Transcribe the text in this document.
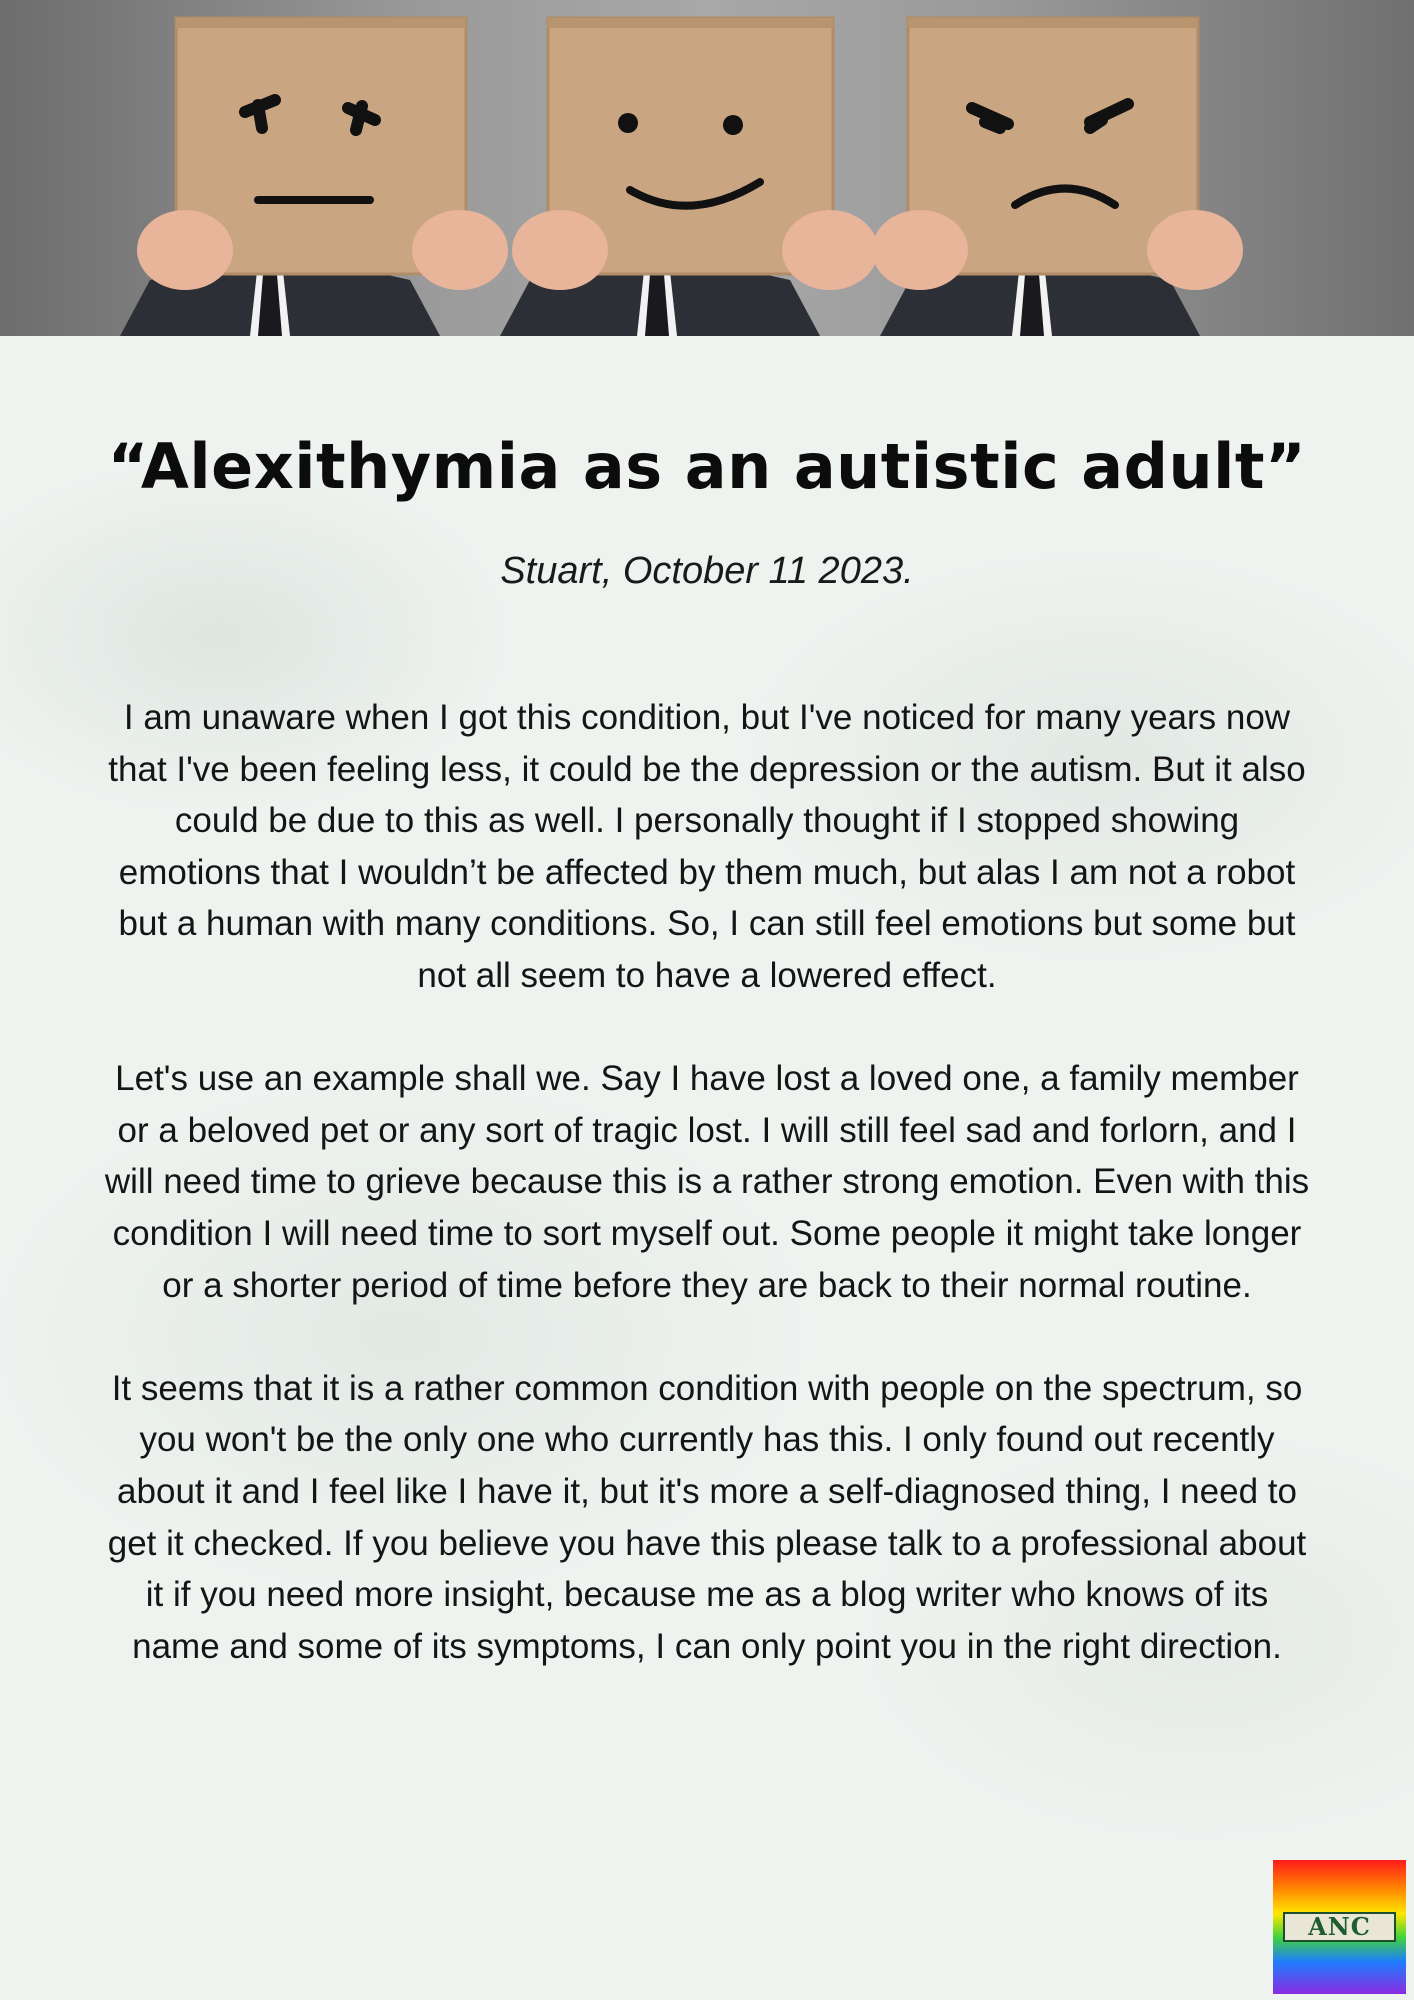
“Alexithymia as an autistic adult”
Stuart, October 11 2023.

I am unaware when I got this condition, but I've noticed for many years now that I've been feeling less, it could be the depression or the autism. But it also could be due to this as well. I personally thought if I stopped showing emotions that I wouldn’t be affected by them much, but alas I am not a robot but a human with many conditions. So, I can still feel emotions but some but not all seem to have a lowered effect.

Let's use an example shall we. Say I have lost a loved one, a family member or a beloved pet or any sort of tragic lost. I will still feel sad and forlorn, and I will need time to grieve because this is a rather strong emotion. Even with this condition I will need time to sort myself out. Some people it might take longer or a shorter period of time before they are back to their normal routine.

It seems that it is a rather common condition with people on the spectrum, so you won't be the only one who currently has this. I only found out recently about it and I feel like I have it, but it's more a self-diagnosed thing, I need to get it checked. If you believe you have this please talk to a professional about it if you need more insight, because me as a blog writer who knows of its name and some of its symptoms, I can only point you in the right direction.

ANC
